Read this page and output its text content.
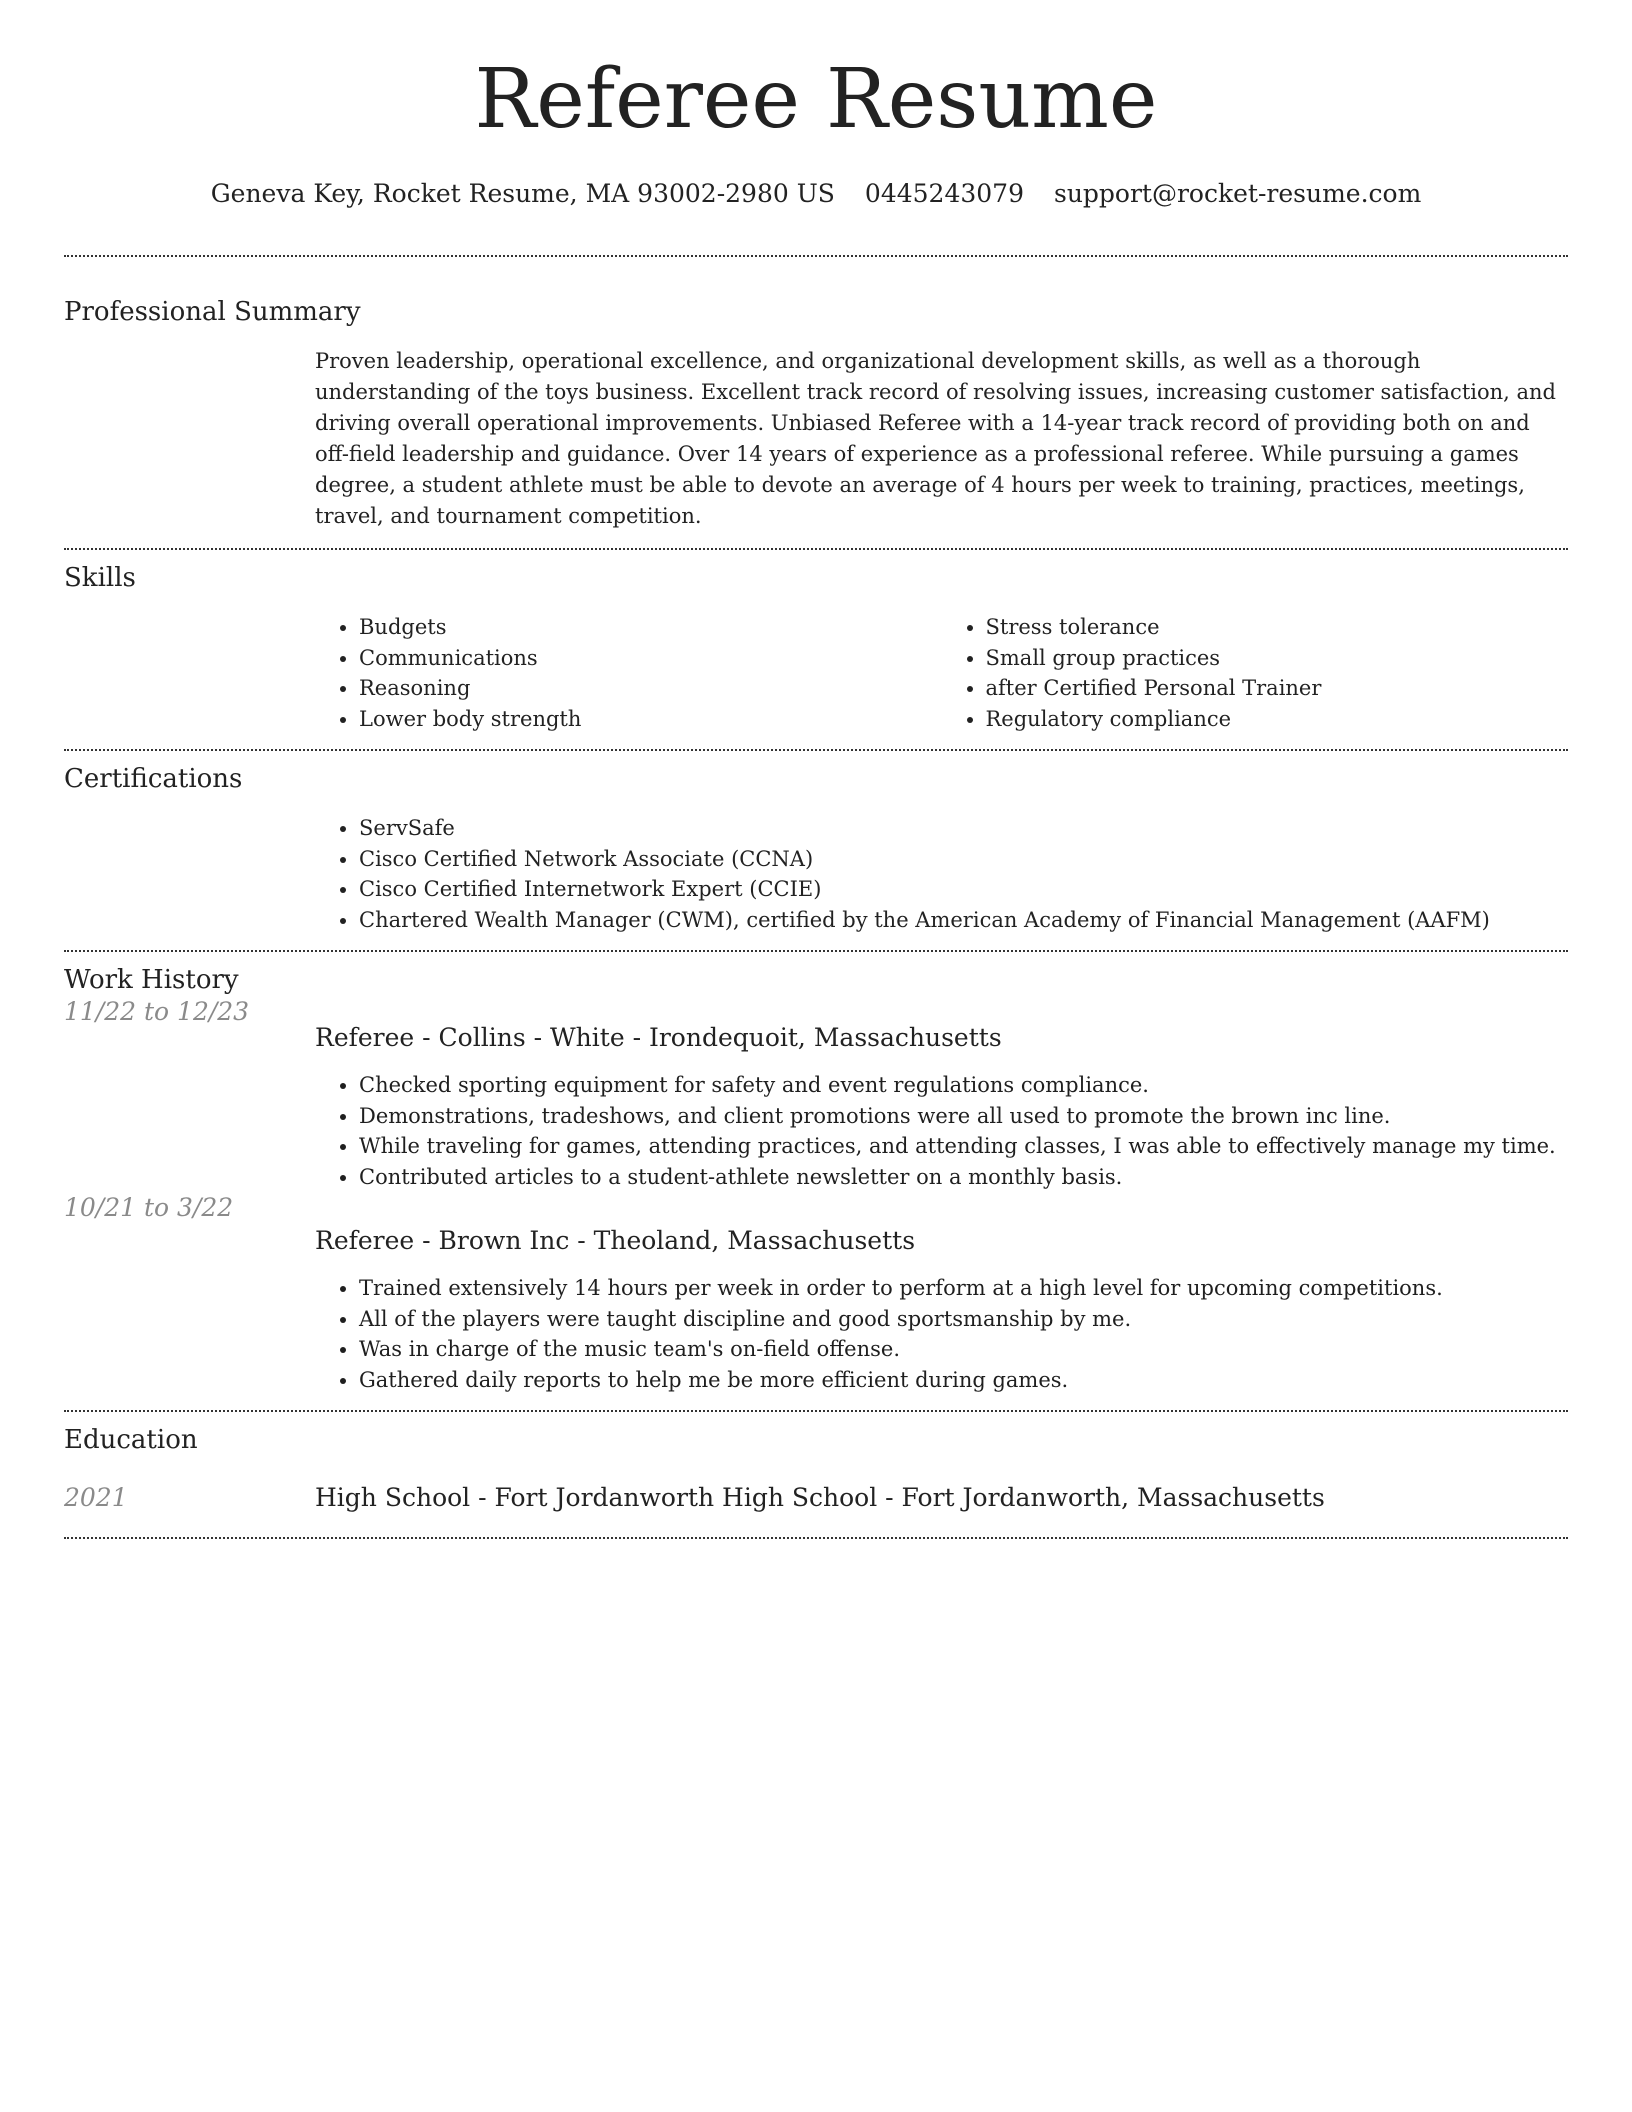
Referee Resume
Geneva Key, Rocket Resume, MA 93002-2980 US 0445243079 support@rocket-resume.com
Professional Summary

Proven leadership, operational excellence, and organizational development skills, as well as a thorough understanding of the toys business. Excellent track record of resolving issues, increasing customer satisfaction, and driving overall operational improvements. Unbiased Referee with a 14-year track record of providing both on and off-field leadership and guidance. Over 14 years of experience as a professional referee. While pursuing a games degree, a student athlete must be able to devote an average of 4 hours per week to training, practices, meetings, travel, and tournament competition.

Skills
• Budgets
• Communications
• Reasoning
• Lower body strength
• Stress tolerance
• Small group practices
• after Certified Personal Trainer
• Regulatory compliance
Certifications
• ServSafe
• Cisco Certified Network Associate (CCNA)
• Cisco Certified Internetwork Expert (CCIE)
• Chartered Wealth Manager (CWM), certified by the American Academy of Financial Management (AAFM)
Work History
11/22 to 12/23
Referee - Collins - White - Irondequoit, Massachusetts
• Checked sporting equipment for safety and event regulations compliance.
• Demonstrations, tradeshows, and client promotions were all used to promote the brown inc line.
• While traveling for games, attending practices, and attending classes, I was able to effectively manage my time.
• Contributed articles to a student-athlete newsletter on a monthly basis.
10/21 to 3/22
Referee - Brown Inc - Theoland, Massachusetts
• Trained extensively 14 hours per week in order to perform at a high level for upcoming competitions.
• All of the players were taught discipline and good sportsmanship by me.
• Was in charge of the music team's on-field offense.
• Gathered daily reports to help me be more efficient during games.
Education
2021	High School - Fort Jordanworth High School - Fort Jordanworth, Massachusetts
